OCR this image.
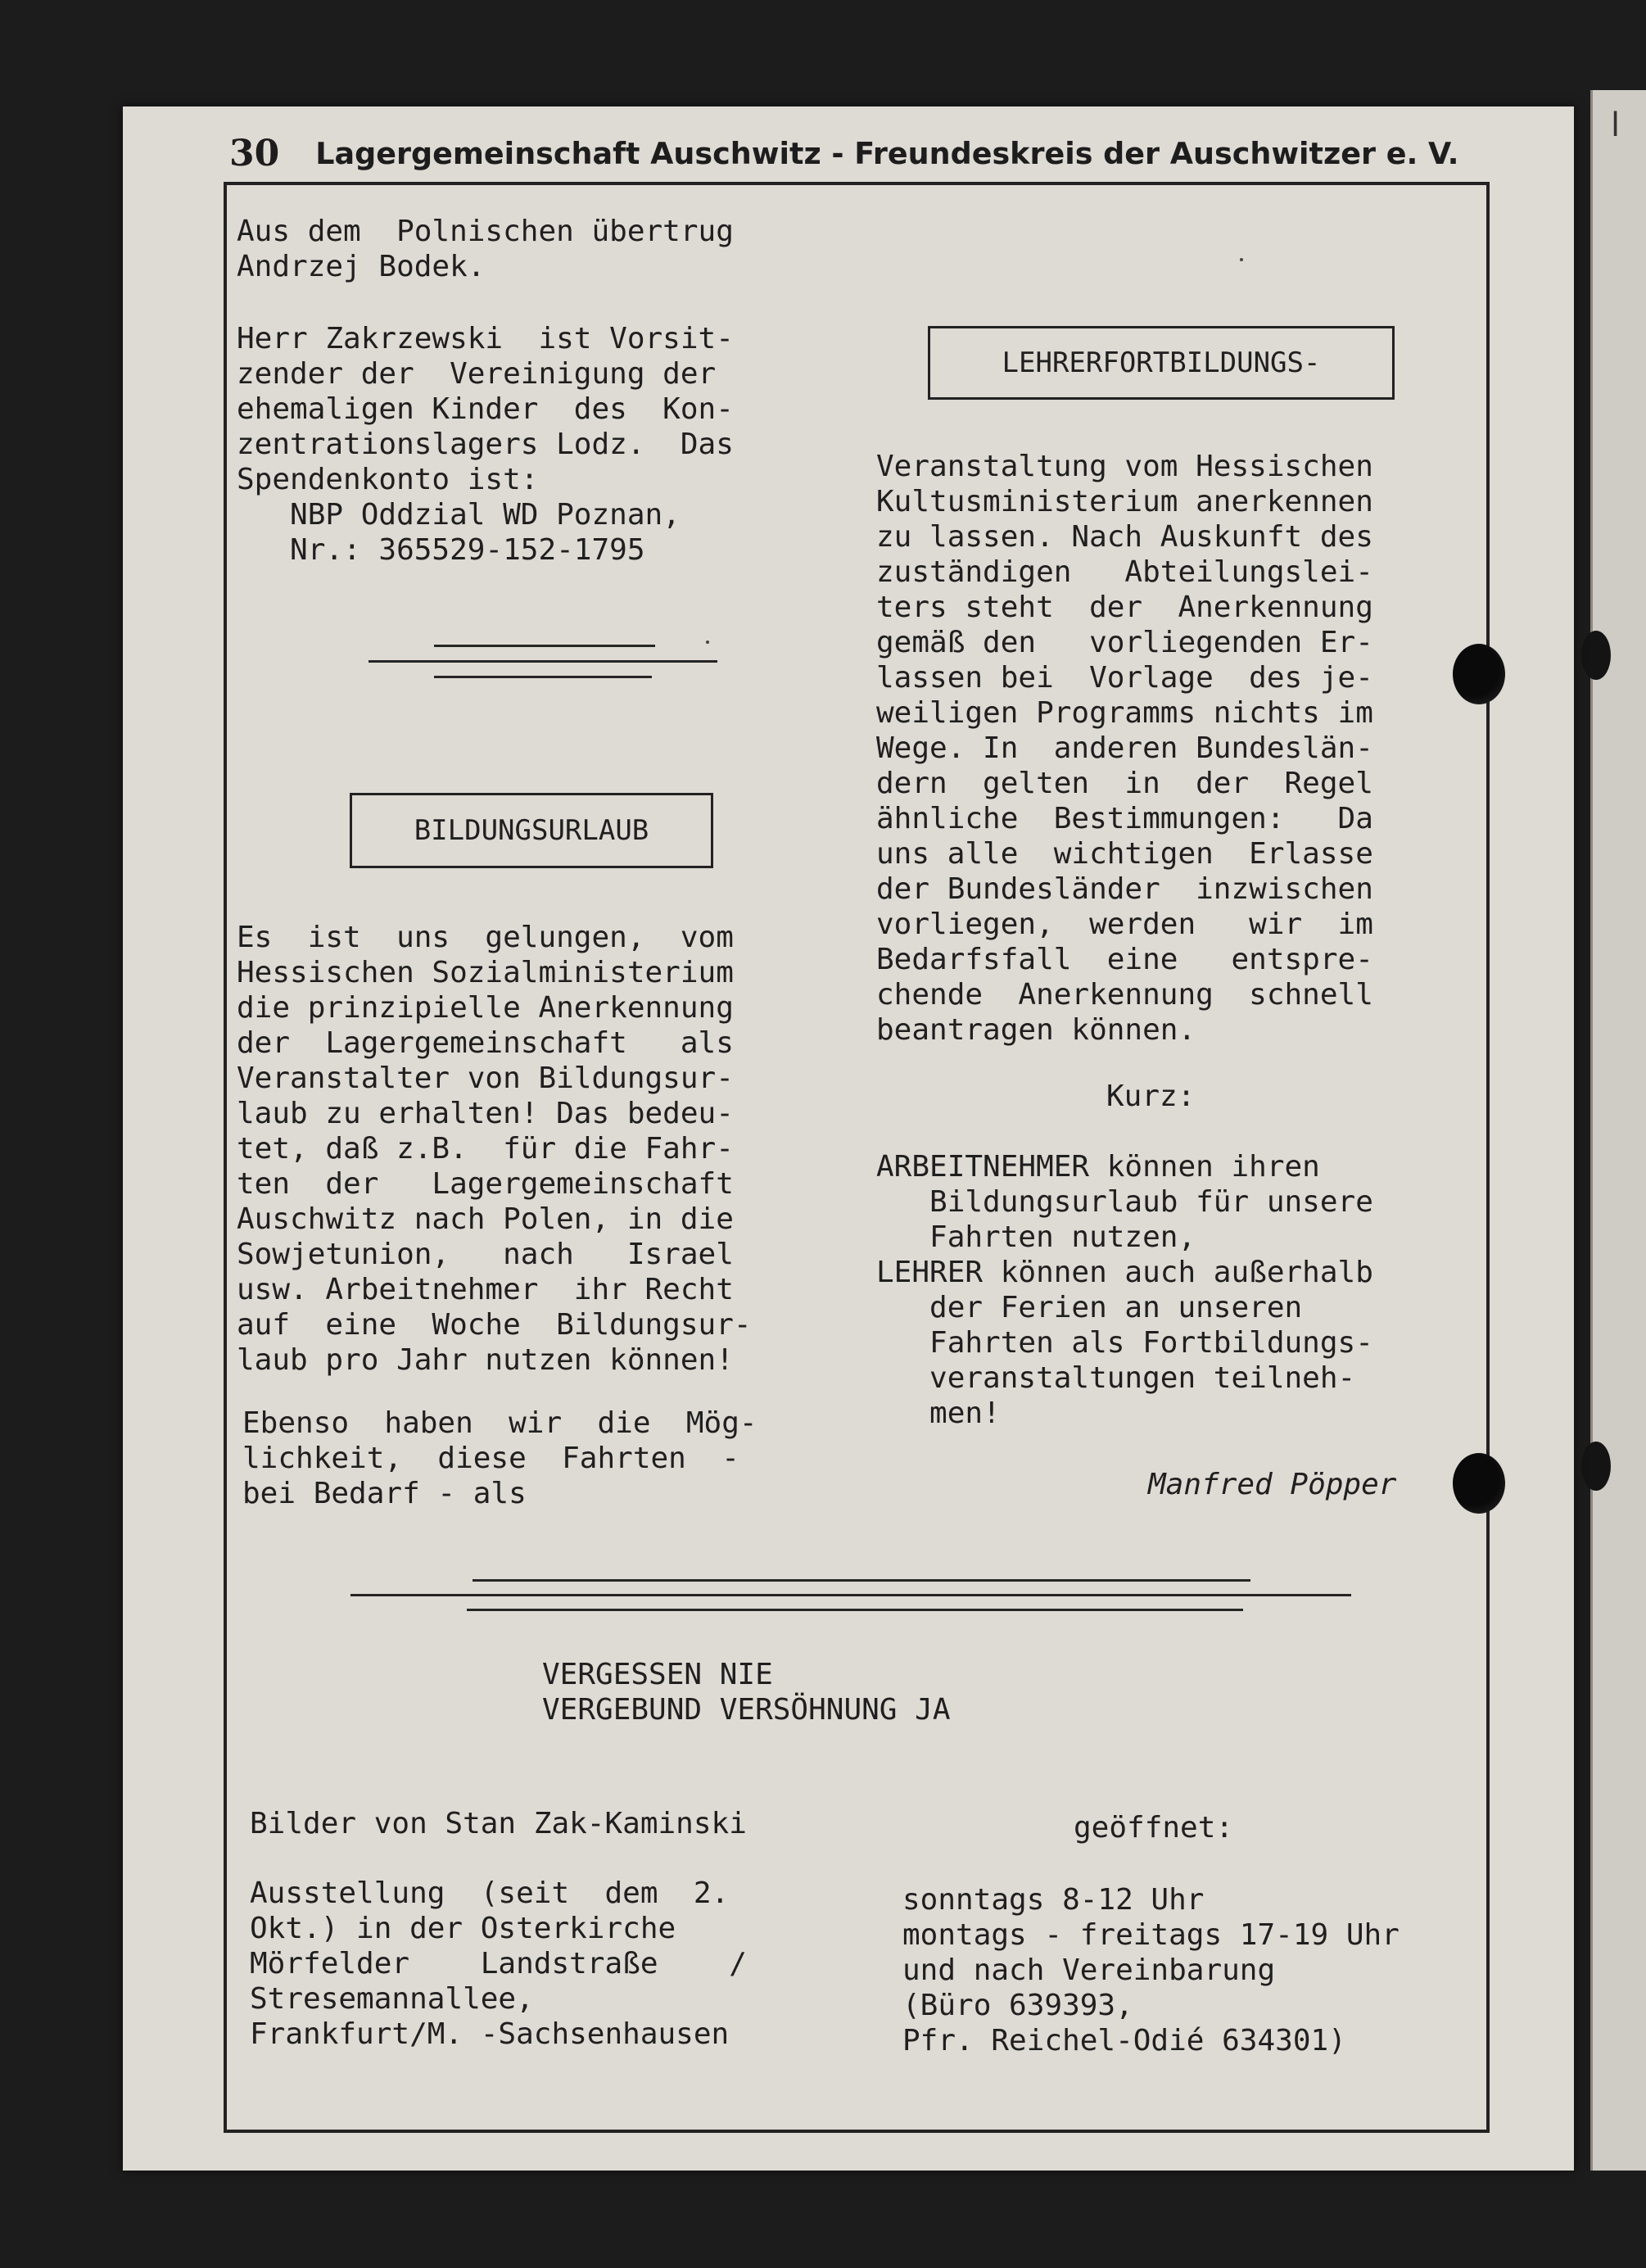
l
30 Lagergemeinschaft Auschwitz - Freundeskreis der Auschwitzer e. V.
Aus dem  Polnischen übertrug
Andrzej Bodek.
Herr Zakrzewski  ist Vorsit-
zender der  Vereinigung der
ehemaligen Kinder  des  Kon-
zentrationslagers Lodz.  Das
Spendenkonto ist:
NBP Oddzial WD Poznan,
Nr.: 365529-152-1795
BILDUNGSURLAUB
Es  ist  uns  gelungen,  vom
Hessischen Sozialministerium
die prinzipielle Anerkennung
der  Lagergemeinschaft   als
Veranstalter von Bildungsur-
laub zu erhalten! Das bedeu-
tet, daß z.B.  für die Fahr-
ten  der   Lagergemeinschaft
Auschwitz nach Polen, in die
Sowjetunion,   nach   Israel
usw. Arbeitnehmer  ihr Recht
auf  eine  Woche  Bildungsur-
laub pro Jahr nutzen können!
Ebenso  haben  wir  die  Mög-
lichkeit,  diese  Fahrten  -
bei Bedarf - als
LEHRERFORTBILDUNGS-
Veranstaltung vom Hessischen
Kultusministerium anerkennen
zu lassen. Nach Auskunft des
zuständigen   Abteilungslei-
ters steht  der  Anerkennung
gemäß den   vorliegenden Er-
lassen bei  Vorlage  des je-
weiligen Programms nichts im
Wege. In  anderen Bundeslän-
dern  gelten  in  der  Regel
ähnliche  Bestimmungen:   Da
uns alle  wichtigen  Erlasse
der Bundesländer  inzwischen
vorliegen,  werden   wir  im
Bedarfsfall  eine   entspre-
chende  Anerkennung  schnell
beantragen können.
Kurz:
ARBEITNEHMER können ihren
Bildungsurlaub für unsere
Fahrten nutzen,
LEHRER können auch außerhalb
der Ferien an unseren
Fahrten als Fortbildungs-
veranstaltungen teilneh-
men!
Manfred Pöpper
VERGESSEN NIE
VERGEBUND VERSÖHNUNG JA
Bilder von Stan Zak-Kaminski
Ausstellung  (seit  dem  2.
Okt.) in der Osterkirche
Mörfelder    Landstraße    /
Stresemannallee,
Frankfurt/M. -Sachsenhausen
geöffnet:
sonntags 8-12 Uhr
montags - freitags 17-19 Uhr
und nach Vereinbarung
(Büro 639393,
Pfr. Reichel-Odié 634301)
